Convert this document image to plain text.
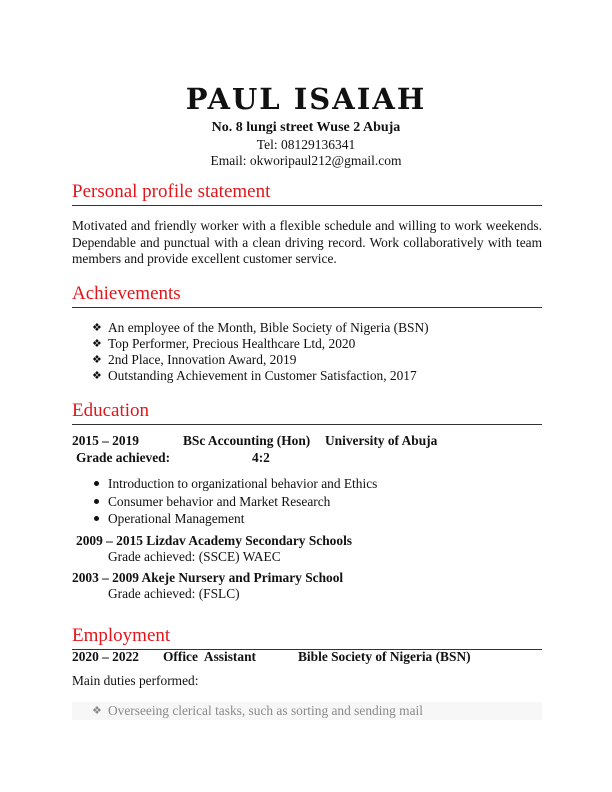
PAUL ISAIAH
No. 8 lungi street Wuse 2 Abuja
Tel: 08129136341
Email: okworipaul212@gmail.com
Personal profile statement
Motivated and friendly worker with a flexible schedule and willing to work weekends. Dependable and punctual with a clean driving record. Work collaboratively with team members and provide excellent customer service.
Achievements
❖ An employee of the Month, Bible Society of Nigeria (BSN)
❖ Top Performer, Precious Healthcare Ltd, 2020
❖ 2nd Place, Innovation Award, 2019
❖ Outstanding Achievement in Customer Satisfaction, 2017
Education
2015 – 2019	BSc Accounting (Hon) University of Abuja
Grade achieved:	4:2
Introduction to organizational behavior and Ethics
Consumer behavior and Market Research
Operational Management
2009 – 2015 Lizdav Academy Secondary Schools
Grade achieved: (SSCE) WAEC
2003 – 2009 Akeje Nursery and Primary School
Grade achieved: (FSLC)
Employment
2020 – 2022 Office  Assistant	Bible Society of Nigeria (BSN)
Main duties performed:
❖ Overseeing clerical tasks, such as sorting and sending mail
